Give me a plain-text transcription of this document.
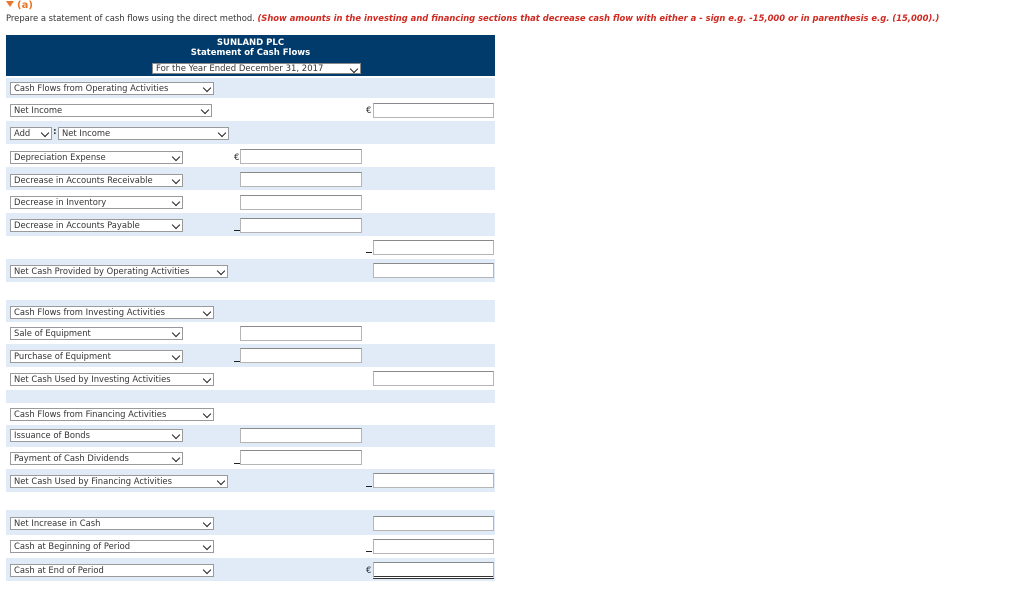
(a)
Prepare a statement of cash flows using the direct method. (Show amounts in the investing and financing sections that decrease cash flow with either a - sign e.g. -15,000 or in parenthesis e.g. (15,000).)
SUNLAND PLC
Statement of Cash Flows
For the Year Ended December 31, 2017
Cash Flows from Operating Activities
Net Income	€
Add	: Net Income
Depreciation Expense	€
Decrease in Accounts Receivable
Decrease in Inventory
Decrease in Accounts Payable
Net Cash Provided by Operating Activities
Cash Flows from Investing Activities
Sale of Equipment
Purchase of Equipment
Net Cash Used by Investing Activities
Cash Flows from Financing Activities
Issuance of Bonds
Payment of Cash Dividends
Net Cash Used by Financing Activities
Net Increase in Cash
Cash at Beginning of Period
Cash at End of Period	€
